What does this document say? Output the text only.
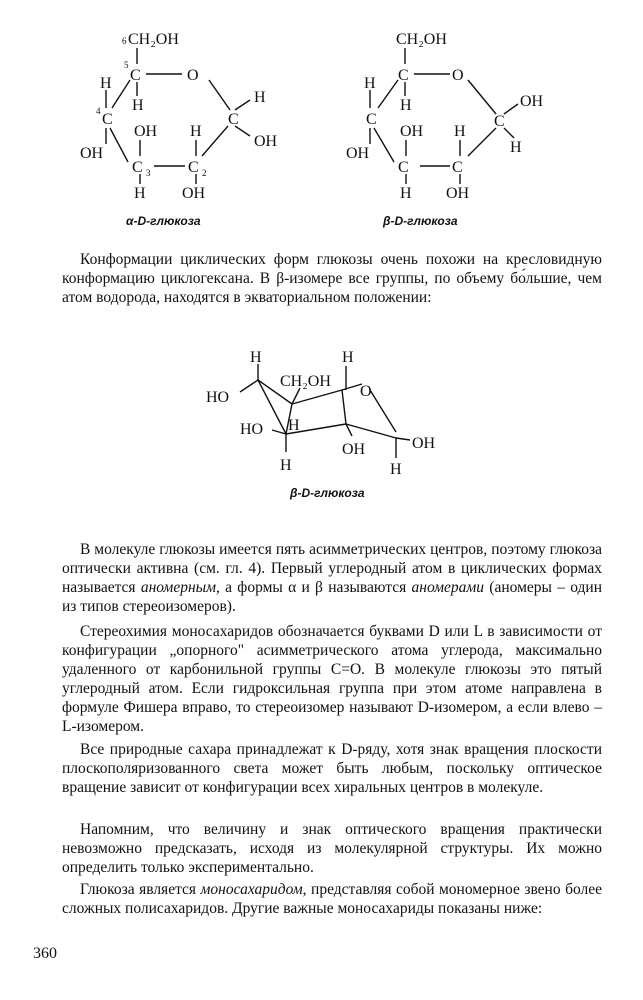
6 CH₂OH
5
C	O
4 C
H
OH
H
OH
C 3
H
H
C 2
OH
C
H
OH
α-D-глюкоза
CH₂OH
C	O
H
C
OH
H
OH
C
H
H
C
OH
C
OH
H
β-D-глюкоза

Конформации циклических форм глюкозы очень похожи на кресловидную конформацию циклогексана. В β-изомере все группы, по объему бо́льшие, чем атом водорода, находятся в экваториальном положении:

H	H
CH₂OH
HO	O
HO H
OH	OH
H	H
β-D-глюкоза

В молекуле глюкозы имеется пять асимметрических центров, поэтому глюкоза оптически активна (см. гл. 4). Первый углеродный атом в циклических формах называется аномерным, а формы α и β называются аномерами (аномеры – один из типов стереоизомеров).

Стереохимия моносахаридов обозначается буквами D или L в зависимости от конфигурации „опорного" асимметрического атома углерода, максимально удаленного от карбонильной группы C=O. В молекуле глюкозы это пятый углеродный атом. Если гидроксильная группа при этом атоме направлена в формуле Фишера вправо, то стереоизомер называют D-изомером, а если влево – L-изомером.

Все природные сахара принадлежат к D-ряду, хотя знак вращения плоскости плоскополяризованного света может быть любым, поскольку оптическое вращение зависит от конфигурации всех хиральных центров в молекуле.

Напомним, что величину и знак оптического вращения практически невозможно предсказать, исходя из молекулярной структуры. Их можно определить только экспериментально.

Глюкоза является моносахаридом, представляя собой мономерное звено более сложных полисахаридов. Другие важные моносахариды показаны ниже:

360
